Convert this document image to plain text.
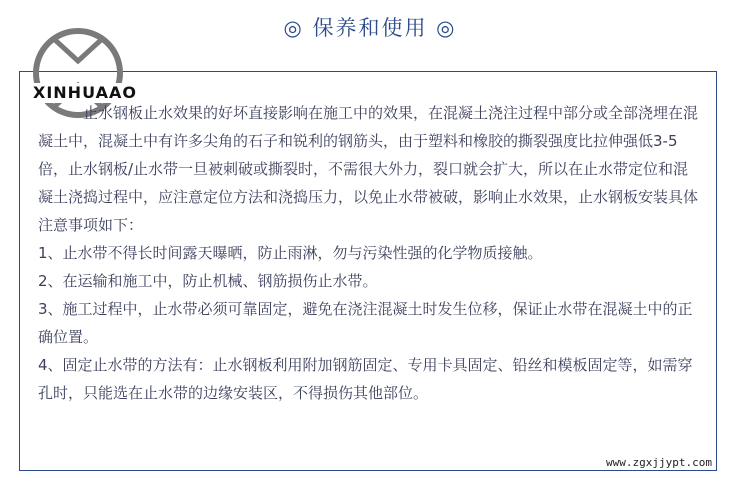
◎ 保养和使用 ◎
XINHUAAO

止水钢板止水效果的好坏直接影响在施工中的效果，在混凝土浇注过程中部分或全部浇埋在混凝土中，混凝土中有许多尖角的石子和锐利的钢筋头，由于塑料和橡胶的撕裂强度比拉伸强低3-5倍，止水钢板/止水带一旦被刺破或撕裂时，不需很大外力，裂口就会扩大，所以在止水带定位和混凝土浇捣过程中，应注意定位方法和浇捣压力，以免止水带被破，影响止水效果，止水钢板安装具体注意事项如下：

1、止水带不得长时间露天曝晒，防止雨淋，勿与污染性强的化学物质接触。

2、在运输和施工中，防止机械、钢筋损伤止水带。

3、施工过程中，止水带必须可靠固定，避免在浇注混凝土时发生位移，保证止水带在混凝土中的正确位置。

4、固定止水带的方法有：止水钢板利用附加钢筋固定、专用卡具固定、铅丝和模板固定等，如需穿孔时，只能选在止水带的边缘安装区，不得损伤其他部位。

www.zgxjjypt.com
